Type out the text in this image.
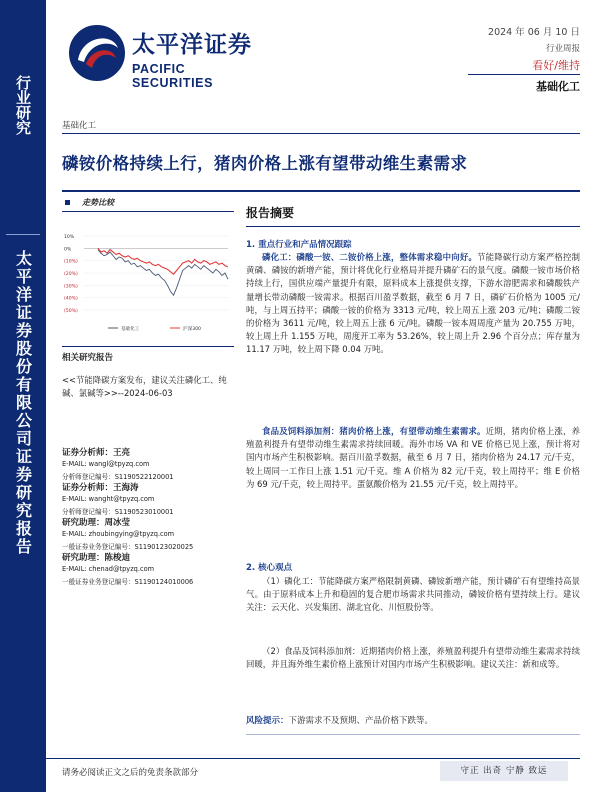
行业研究
太平洋证券股份有限公司证券研究报告
太平洋证券
PACIFIC SECURITIES
2024 年 06 月 10 日
行业周报
看好/维持
基础化工
基础化工
磷铵价格持续上行，猪肉价格上涨有望带动维生素需求
走势比较
10%
0%
(10%)
(20%)
(30%)
(40%)
(50%)
基础化工	沪深300
相关研究报告
<<节能降碳方案发布，建议关注磷化工、纯碱、氯碱等>>--2024-06-03
证券分析师：王亮
E-MAIL: wangl@tpyzq.com
分析师登记编号：S1190522120001
证券分析师：王海涛
E-MAIL: wanght@tpyzq.com
分析师登记编号：S1190523010001
研究助理：周冰莹
E-MAIL: zhoubingying@tpyzq.com
一般证券业务登记编号：S1190123020025
研究助理：陈梭迪
E-MAIL: chenad@tpyzq.com
一般证券业务登记编号：S1190124010006
报告摘要
1. 重点行业和产品情况跟踪

磷化工：磷酸一铵、二铵价格上涨，整体需求稳中向好。节能降碳行动方案严格控制黄磷、磷铵的新增产能，预计将优化行业格局并提升磷矿石的景气度。磷酸一铵市场价格持续上行，国供应端产量提升有限，原料成本上涨提供支撑，下游水溶肥需求和磷酸铁产量增长带动磷酸一铵需求。根据百川盈孚数据，截至 6 月 7 日，磷矿石价格为 1005 元/吨，与上周五持平；磷酸一铵的价格为 3313 元/吨，较上周五上涨 203 元/吨；磷酸二铵的价格为 3611 元/吨，较上周五上涨 6 元/吨。磷酸一铵本周周度产量为 20.755 万吨，较上周上升 1.155 万吨，周度开工率为 53.26%，较上周上升 2.96 个百分点；库存量为 11.17 万吨，较上周下降 0.04 万吨。

食品及饲料添加剂：猪肉价格上涨，有望带动维生素需求。近期，猪肉价格上涨，养殖盈利提升有望带动维生素需求持续回暖。海外市场 VA 和 VE 价格已见上涨，预计将对国内市场产生积极影响。据百川盈孚数据，截至 6 月 7 日，猪肉价格为 24.17 元/千克，较上周同一工作日上涨 1.51 元/千克。维 A 价格为 82 元/千克，较上周持平；维 E 价格为 69 元/千克，较上周持平。蛋氨酸价格为 21.55 元/千克，较上周持平。

2. 核心观点

（1）磷化工：节能降碳方案严格限制黄磷、磷铵新增产能，预计磷矿石有望维持高景气。由于原料成本上升和稳固的复合肥市场需求共同推动，磷铵价格有望持续上行。建议关注：云天化、兴发集团、湖北宜化、川恒股份等。

（2）食品及饲料添加剂：近期猪肉价格上涨，养殖盈利提升有望带动维生素需求持续回暖，并且海外维生素价格上涨预计对国内市场产生积极影响。建议关注：新和成等。

风险提示：下游需求不及预期、产品价格下跌等。
请务必阅读正文之后的免责条款部分	守正 出奇 宁静 致远
